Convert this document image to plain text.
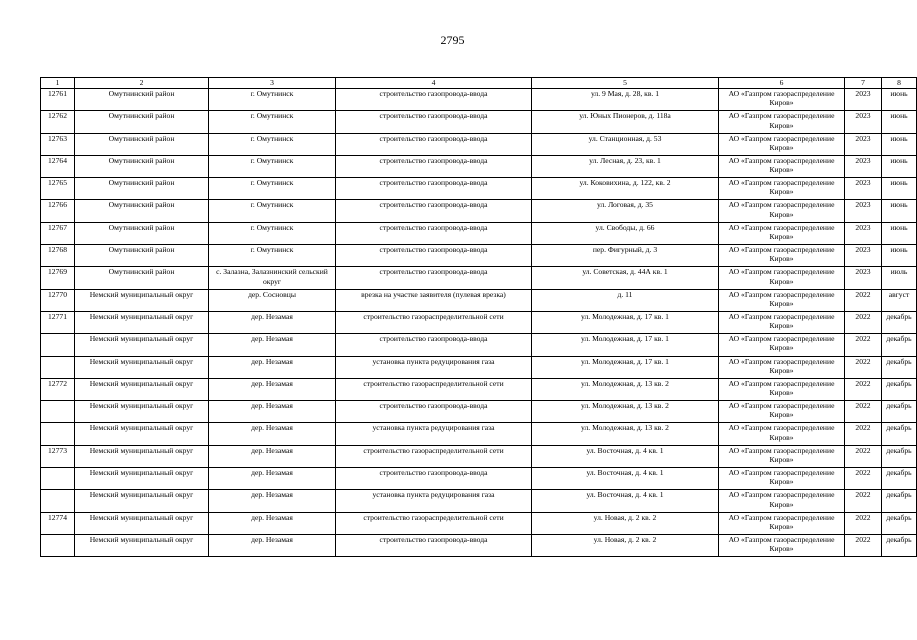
2795
1	2	3	4	5	6	7	8
12761	Омутнинский район	г. Омутнинск	строительство газопровода-ввода	ул. 9 Мая, д. 28, кв. 1	АО «Газпром газораспределение Киров»	2023	июнь
12762	Омутнинский район	г. Омутнинск	строительство газопровода-ввода	ул. Юных Пионеров, д. 118а	АО «Газпром газораспределение Киров»	2023	июнь
12763	Омутнинский район	г. Омутнинск	строительство газопровода-ввода	ул. Станционная, д. 53	АО «Газпром газораспределение Киров»	2023	июнь
12764	Омутнинский район	г. Омутнинск	строительство газопровода-ввода	ул. Лесная, д. 23, кв. 1	АО «Газпром газораспределение Киров»	2023	июнь
12765	Омутнинский район	г. Омутнинск	строительство газопровода-ввода	ул. Коковихина, д. 122, кв. 2	АО «Газпром газораспределение Киров»	2023	июнь
12766	Омутнинский район	г. Омутнинск	строительство газопровода-ввода	ул. Логовая, д. 35	АО «Газпром газораспределение Киров»	2023	июнь
12767	Омутнинский район	г. Омутнинск	строительство газопровода-ввода	ул. Свободы, д. 66	АО «Газпром газораспределение Киров»	2023	июнь
12768	Омутнинский район	г. Омутнинск	строительство газопровода-ввода	пер. Фигурный, д. 3	АО «Газпром газораспределение Киров»	2023	июнь
12769	Омутнинский район	с. Залазна, Залазнинский сельский округ	строительство газопровода-ввода	ул. Советская, д. 44А кв. 1	АО «Газпром газораспределение Киров»	2023	июль
12770	Немский муниципальный округ	дер. Сосновцы	врезка на участке заявителя (пулевая врезка)	д. 11	АО «Газпром газораспределение Киров»	2022	август
12771	Немский муниципальный округ	дер. Незамая	строительство газораспределительной сети	ул. Молодежная, д. 17 кв. 1	АО «Газпром газораспределение Киров»	2022	декабрь
	Немский муниципальный округ	дер. Незамая	строительство газопровода-ввода	ул. Молодежная, д. 17 кв. 1	АО «Газпром газораспределение Киров»	2022	декабрь
	Немский муниципальный округ	дер. Незамая	установка пункта редуцирования газа	ул. Молодежная, д. 17 кв. 1	АО «Газпром газораспределение Киров»	2022	декабрь
12772	Немский муниципальный округ	дер. Незамая	строительство газораспределительной сети	ул. Молодежная, д. 13 кв. 2	АО «Газпром газораспределение Киров»	2022	декабрь
	Немский муниципальный округ	дер. Незамая	строительство газопровода-ввода	ул. Молодежная, д. 13 кв. 2	АО «Газпром газораспределение Киров»	2022	декабрь
	Немский муниципальный округ	дер. Незамая	установка пункта редуцирования газа	ул. Молодежная, д. 13 кв. 2	АО «Газпром газораспределение Киров»	2022	декабрь
12773	Немский муниципальный округ	дер. Незамая	строительство газораспределительной сети	ул. Восточная, д. 4 кв. 1	АО «Газпром газораспределение Киров»	2022	декабрь
	Немский муниципальный округ	дер. Незамая	строительство газопровода-ввода	ул. Восточная, д. 4 кв. 1	АО «Газпром газораспределение Киров»	2022	декабрь
	Немский муниципальный округ	дер. Незамая	установка пункта редуцирования газа	ул. Восточная, д. 4 кв. 1	АО «Газпром газораспределение Киров»	2022	декабрь
12774	Немский муниципальный округ	дер. Незамая	строительство газораспределительной сети	ул. Новая, д. 2 кв. 2	АО «Газпром газораспределение Киров»	2022	декабрь
	Немский муниципальный округ	дер. Незамая	строительство газопровода-ввода	ул. Новая, д. 2 кв. 2	АО «Газпром газораспределение Киров»	2022	декабрь
